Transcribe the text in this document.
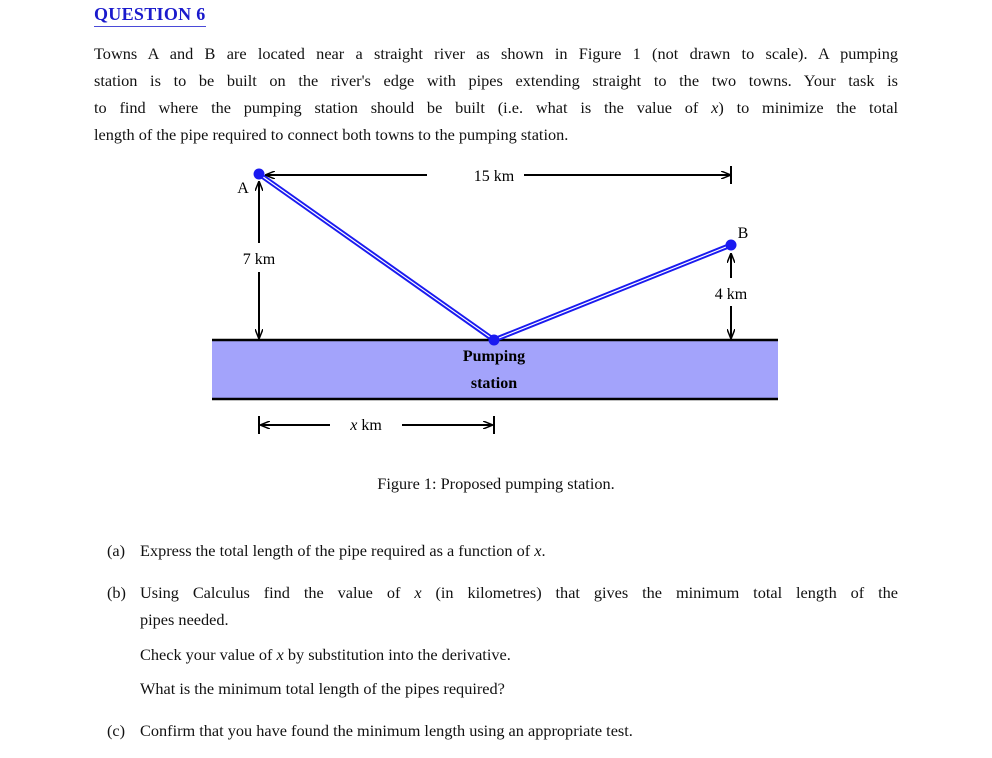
QUESTION 6
Towns A and B are located near a straight river as shown in Figure 1 (not drawn to scale). A pumping
station is to be built on the river's edge with pipes extending straight to the two towns. Your task is
to find where the pumping station should be built (i.e. what is the value of x) to minimize the total
length of the pipe required to connect both towns to the pumping station.
15 km
7 km
A
4 km
B
Pumping
station
x km
Figure 1: Proposed pumping station.
(a) Express the total length of the pipe required as a function of x.
(b) Using Calculus find the value of x (in kilometres) that gives the minimum total length of the
pipes needed.
Check your value of x by substitution into the derivative.
What is the minimum total length of the pipes required?
(c) Confirm that you have found the minimum length using an appropriate test.
